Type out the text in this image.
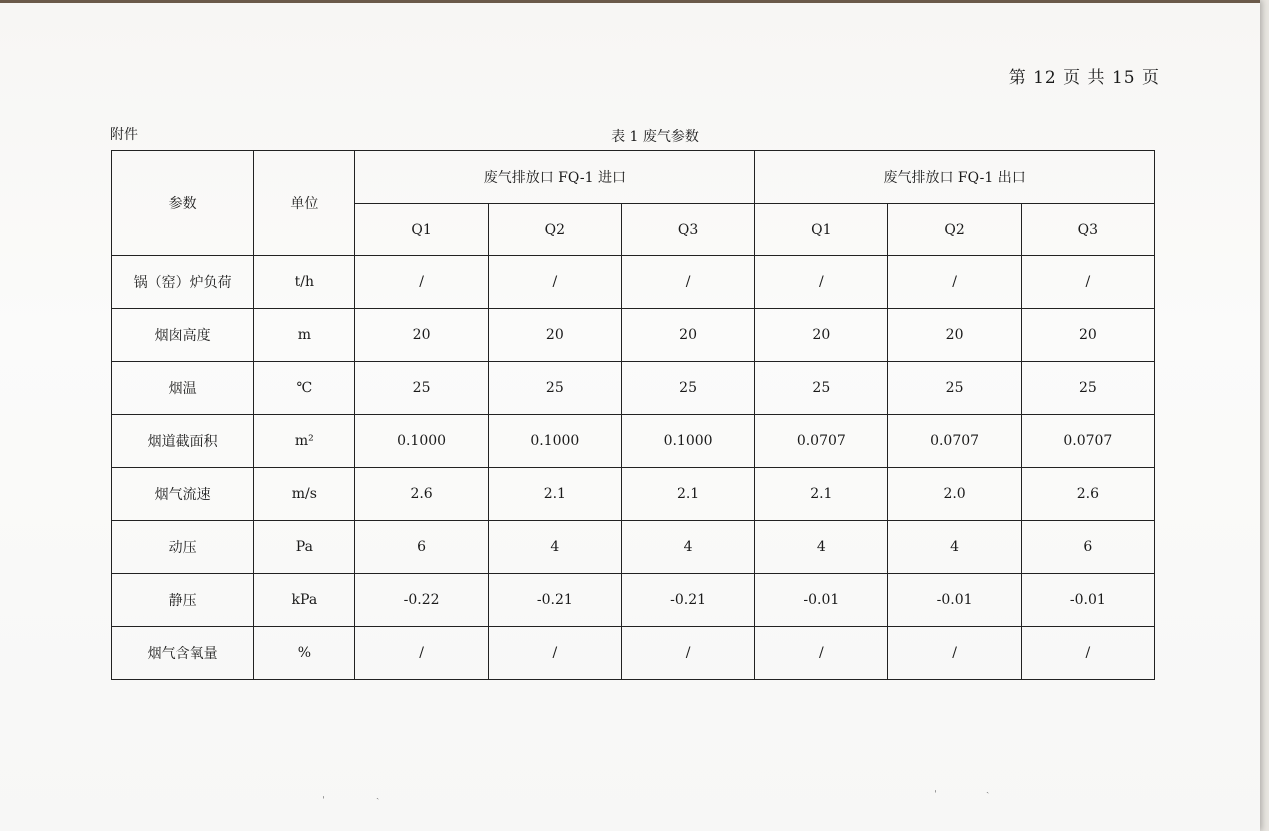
第 12 页 共 15 页
附件	表 1 废气参数
参数	单位	废气排放口 FQ-1 进口			废气排放口 FQ-1 出口		
		Q1	Q2	Q3	Q1	Q2	Q3
锅（窑）炉负荷	t/h	/	/	/	/	/	/
烟囱高度	m	20	20	20	20	20	20
烟温	℃	25	25	25	25	25	25
烟道截面积	m²	0.1000	0.1000	0.1000	0.0707	0.0707	0.0707
烟气流速	m/s	2.6	2.1	2.1	2.1	2.0	2.6
动压	Pa	6	4	4	4	4	6
静压	kPa	-0.22	-0.21	-0.21	-0.01	-0.01	-0.01
烟气含氧量	%	/	/	/	/	/	/
ˌ	ˎ
ˌ	ˎ
